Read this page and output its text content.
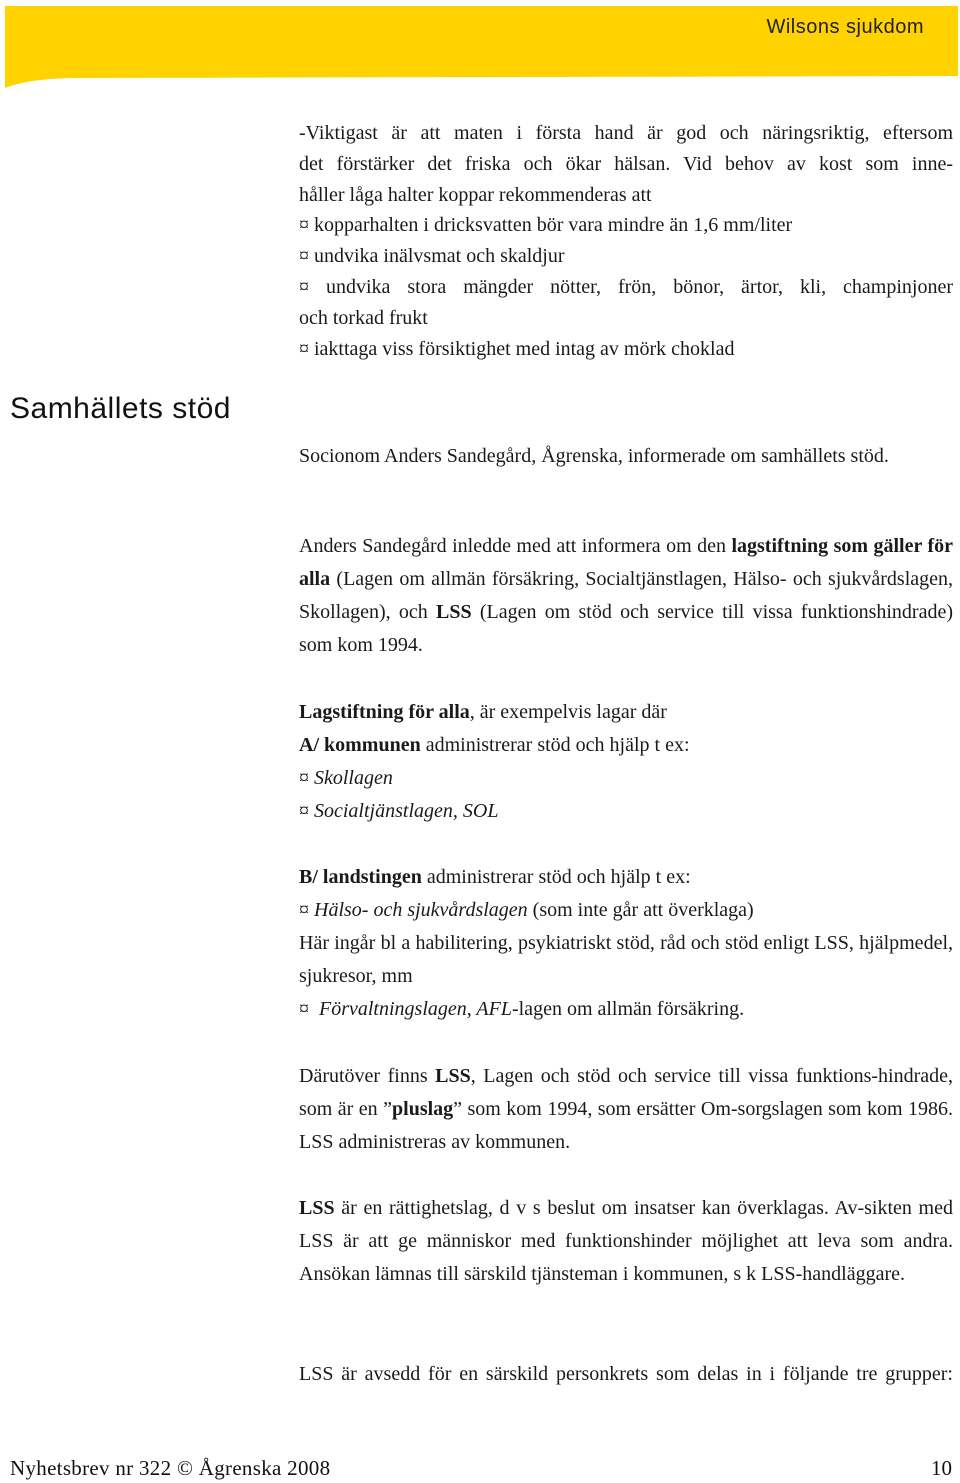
Wilsons sjukdom
Samhällets stöd

-Viktigast är att maten i första hand är god och näringsriktig, eftersom

det förstärker det friska och ökar hälsan. Vid behov av kost som inne-

håller låga halter koppar rekommenderas att

¤ kopparhalten i dricksvatten bör vara mindre än 1,6 mm/liter

¤ undvika inälvsmat och skaldjur

¤ undvika stora mängder nötter, frön, bönor, ärtor, kli, champinjoner

och torkad frukt

¤ iakttaga viss försiktighet med intag av mörk choklad

Socionom Anders Sandegård, Ågrenska, informerade om samhällets stöd.
Anders Sandegård inledde med att informera om den lagstiftning som gäller för alla (Lagen om allmän försäkring, Socialtjänstlagen, Hälso- och sjukvårdslagen, Skollagen), och LSS (Lagen om stöd och service till vissa funktionshindrade) som kom 1994.

Lagstiftning för alla, är exempelvis lagar där

A/ kommunen administrerar stöd och hjälp t ex:

¤ Skollagen

¤ Socialtjänstlagen, SOL

B/ landstingen administrerar stöd och hjälp t ex:

¤ Hälso- och sjukvårdslagen (som inte går att överklaga)

Här ingår bl a habilitering, psykiatriskt stöd, råd och stöd enligt LSS, hjälpmedel, sjukresor, mm

¤ Förvaltningslagen, AFL-lagen om allmän försäkring.

Därutöver finns LSS, Lagen och stöd och service till vissa funktions-hindrade, som är en ”pluslag” som kom 1994, som ersätter Om-sorgslagen som kom 1986. LSS administreras av kommunen.
LSS är en rättighetslag, d v s beslut om insatser kan överklagas. Av-sikten med LSS är att ge människor med funktionshinder möjlighet att leva som andra. Ansökan lämnas till särskild tjänsteman i kommunen, s k LSS-handläggare.
LSS är avsedd för en särskild personkrets som delas in i följande tre grupper:
Nyhetsbrev nr 322 © Ågrenska 2008	10
